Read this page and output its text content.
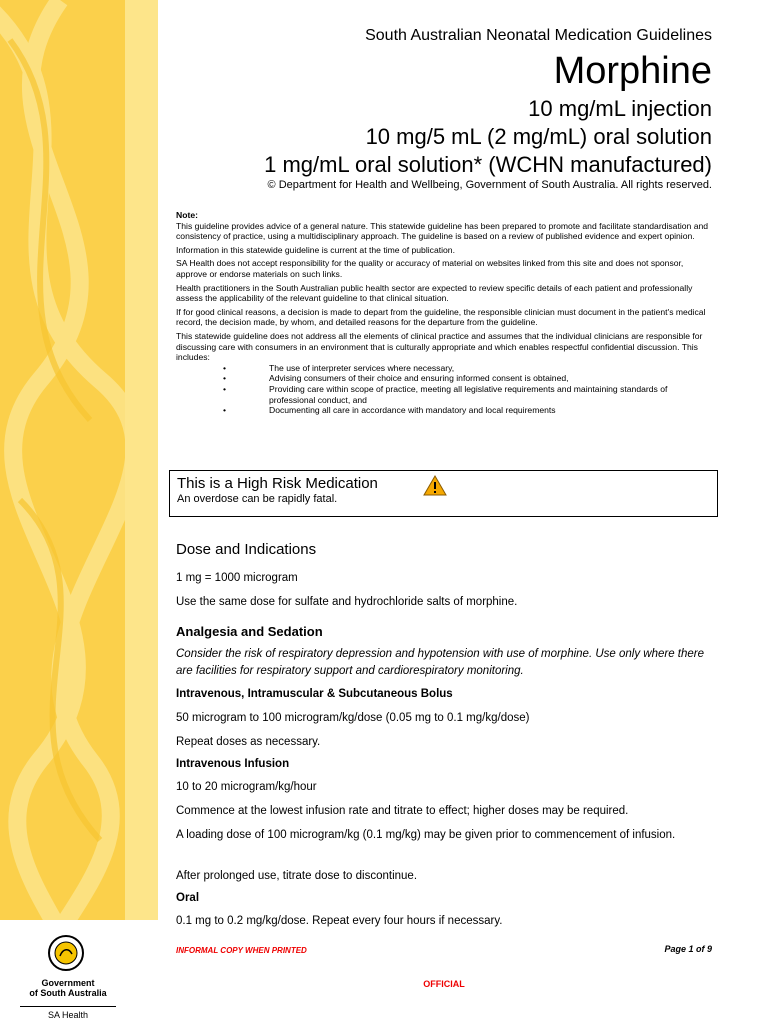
Government
of South Australia
SA Health
South Australian Neonatal Medication Guidelines
Morphine
10 mg/mL injection
10 mg/5 mL (2 mg/mL) oral solution
1 mg/mL oral solution* (WCHN manufactured)
© Department for Health and Wellbeing, Government of South Australia. All rights reserved.

Note:

This guideline provides advice of a general nature. This statewide guideline has been prepared to promote and facilitate standardisation and consistency of practice, using a multidisciplinary approach. The guideline is based on a review of published evidence and expert opinion.

Information in this statewide guideline is current at the time of publication.

SA Health does not accept responsibility for the quality or accuracy of material on websites linked from this site and does not sponsor, approve or endorse materials on such links.

Health practitioners in the South Australian public health sector are expected to review specific details of each patient and professionally assess the applicability of the relevant guideline to that clinical situation.

If for good clinical reasons, a decision is made to depart from the guideline, the responsible clinician must document in the patient's medical record, the decision made, by whom, and detailed reasons for the departure from the guideline.

This statewide guideline does not address all the elements of clinical practice and assumes that the individual clinicians are responsible for discussing care with consumers in an environment that is culturally appropriate and which enables respectful confidential discussion. This includes:

•	The use of interpreter services where necessary,
•	Advising consumers of their choice and ensuring informed consent is obtained,
•	Providing care within scope of practice, meeting all legislative requirements and maintaining standards of professional conduct, and
•	Documenting all care in accordance with mandatory and local requirements
This is a High Risk Medication
An overdose can be rapidly fatal.
Dose and Indications
1 mg = 1000 microgram
Use the same dose for sulfate and hydrochloride salts of morphine.
Analgesia and Sedation
Consider the risk of respiratory depression and hypotension with use of morphine. Use only where there are facilities for respiratory support and cardiorespiratory monitoring.
Intravenous, Intramuscular & Subcutaneous Bolus
50 microgram to 100 microgram/kg/dose (0.05 mg to 0.1 mg/kg/dose)
Repeat doses as necessary.
Intravenous Infusion
10 to 20 microgram/kg/hour
Commence at the lowest infusion rate and titrate to effect; higher doses may be required.
A loading dose of 100 microgram/kg (0.1 mg/kg) may be given prior to commencement of infusion.
After prolonged use, titrate dose to discontinue.
Oral
0.1 mg to 0.2 mg/kg/dose. Repeat every four hours if necessary.
INFORMAL COPY WHEN PRINTED	Page 1 of 9
OFFICIAL
